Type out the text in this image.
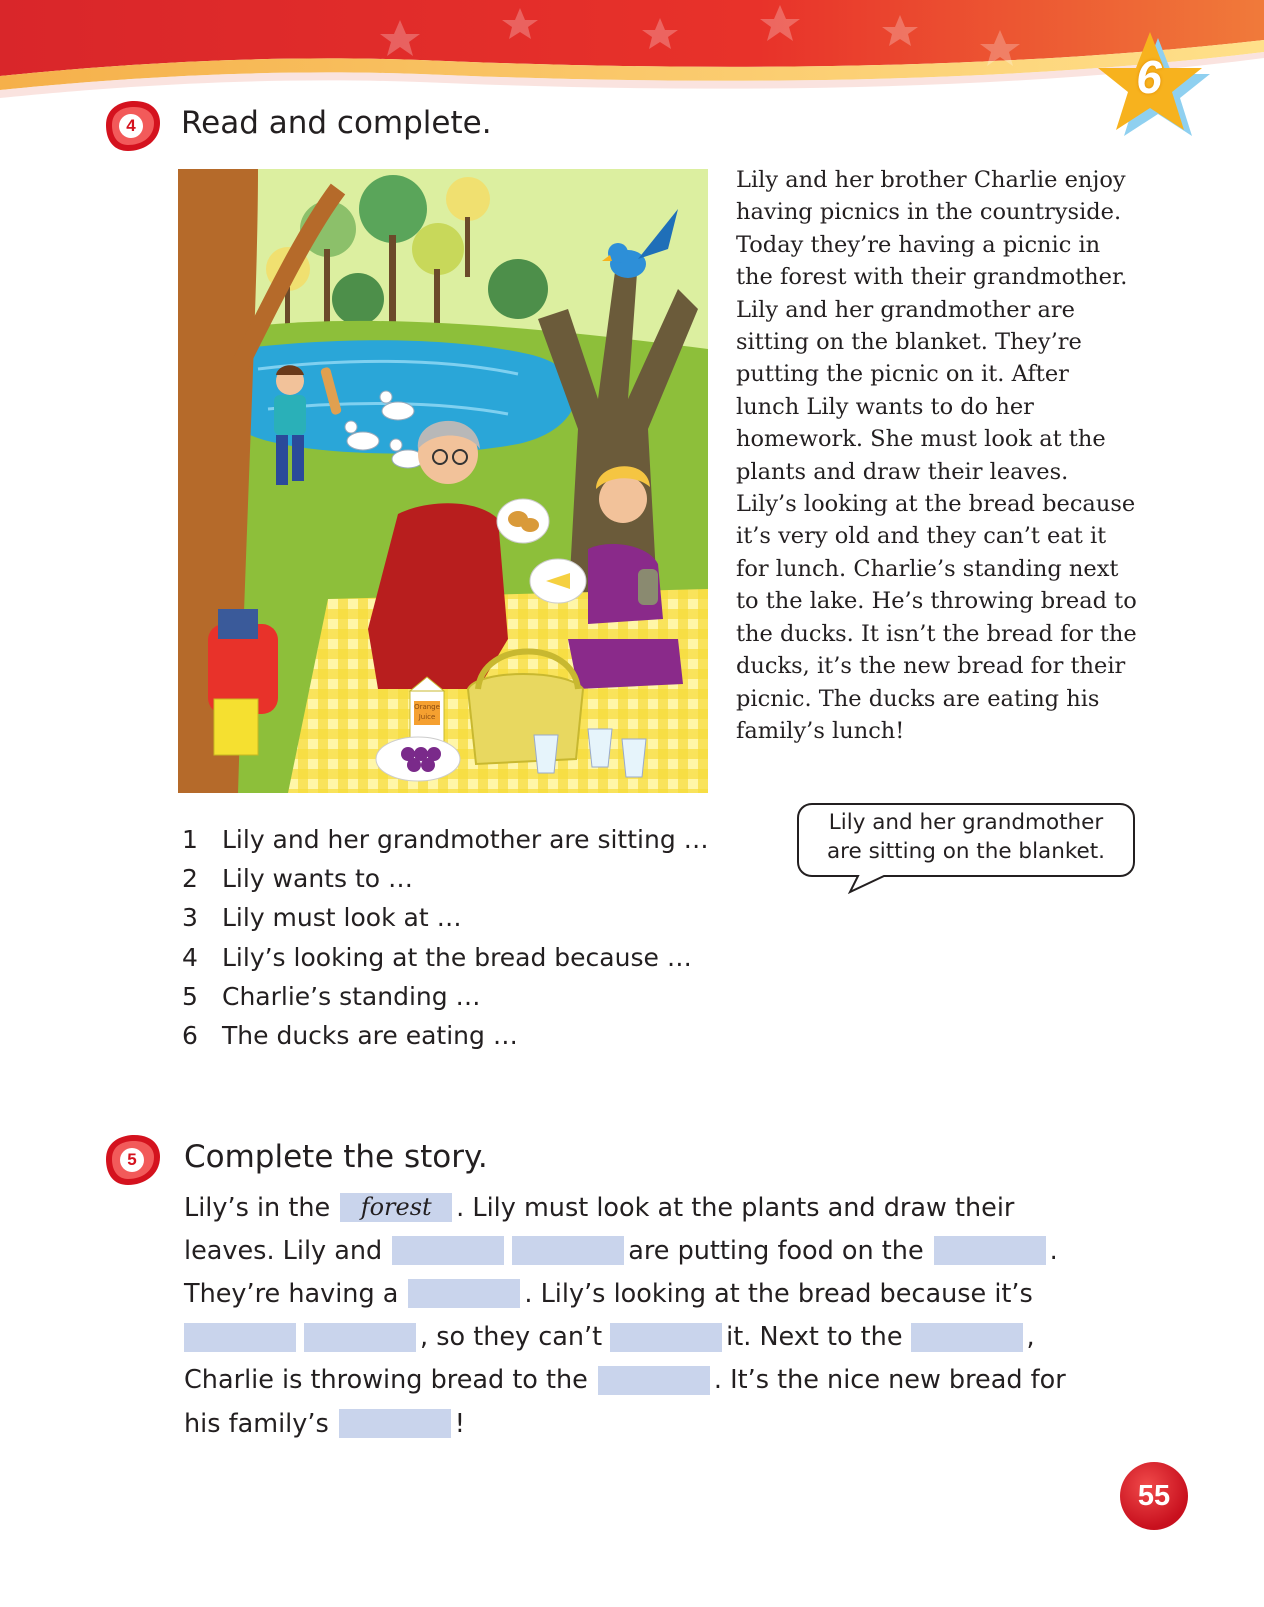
6
4 Read and complete.
Orange
Juice
Lily and her brother Charlie enjoy
having picnics in the countryside.
Today they’re having a picnic in
the forest with their grandmother.
Lily and her grandmother are
sitting on the blanket. They’re
putting the picnic on it. After
lunch Lily wants to do her
homework. She must look at the
plants and draw their leaves.
Lily’s looking at the bread because
it’s very old and they can’t eat it
for lunch. Charlie’s standing next
to the lake. He’s throwing bread to
the ducks. It isn’t the bread for the
ducks, it’s the new bread for their
picnic. The ducks are eating his
family’s lunch!
1 Lily and her grandmother are sitting …
2 Lily wants to …
3 Lily must look at …
4 Lily’s looking at the bread because …
5 Charlie’s standing …
6 The ducks are eating …
Lily and her grandmother
are sitting on the blanket.
5 Complete the story.
Lily’s in the	forest . Lily must look at the plants and draw their
leaves. Lily and	are putting food on the	.
They’re having a	. Lily’s looking at the bread because it’s
, so they can’t	it. Next to the	,
Charlie is throwing bread to the	. It’s the nice new bread for
his family’s	!
55
